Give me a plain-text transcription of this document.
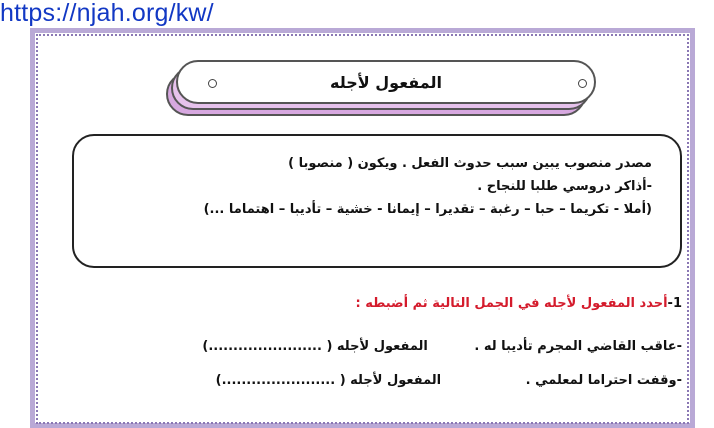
https://njah.org/kw/
المفعول لأجله
مصدر منصوب يبين سبب حدوث الفعل . ويكون ( منصوبا )
-أذاكر دروسي طلبا للنجاح .
(أملا - تكريما – حبا – رغبة – تقديرا – إيمانا - خشية – تأديبا – اهتماما ...)
1-أحدد المفعول لأجله في الجمل التالية ثم أضبطه :
-عاقب القاضي المجرم تأديبا له . المفعول لأجله ( .......................)
-وقفت احتراما لمعلمي . المفعول لأجله ( .......................)
